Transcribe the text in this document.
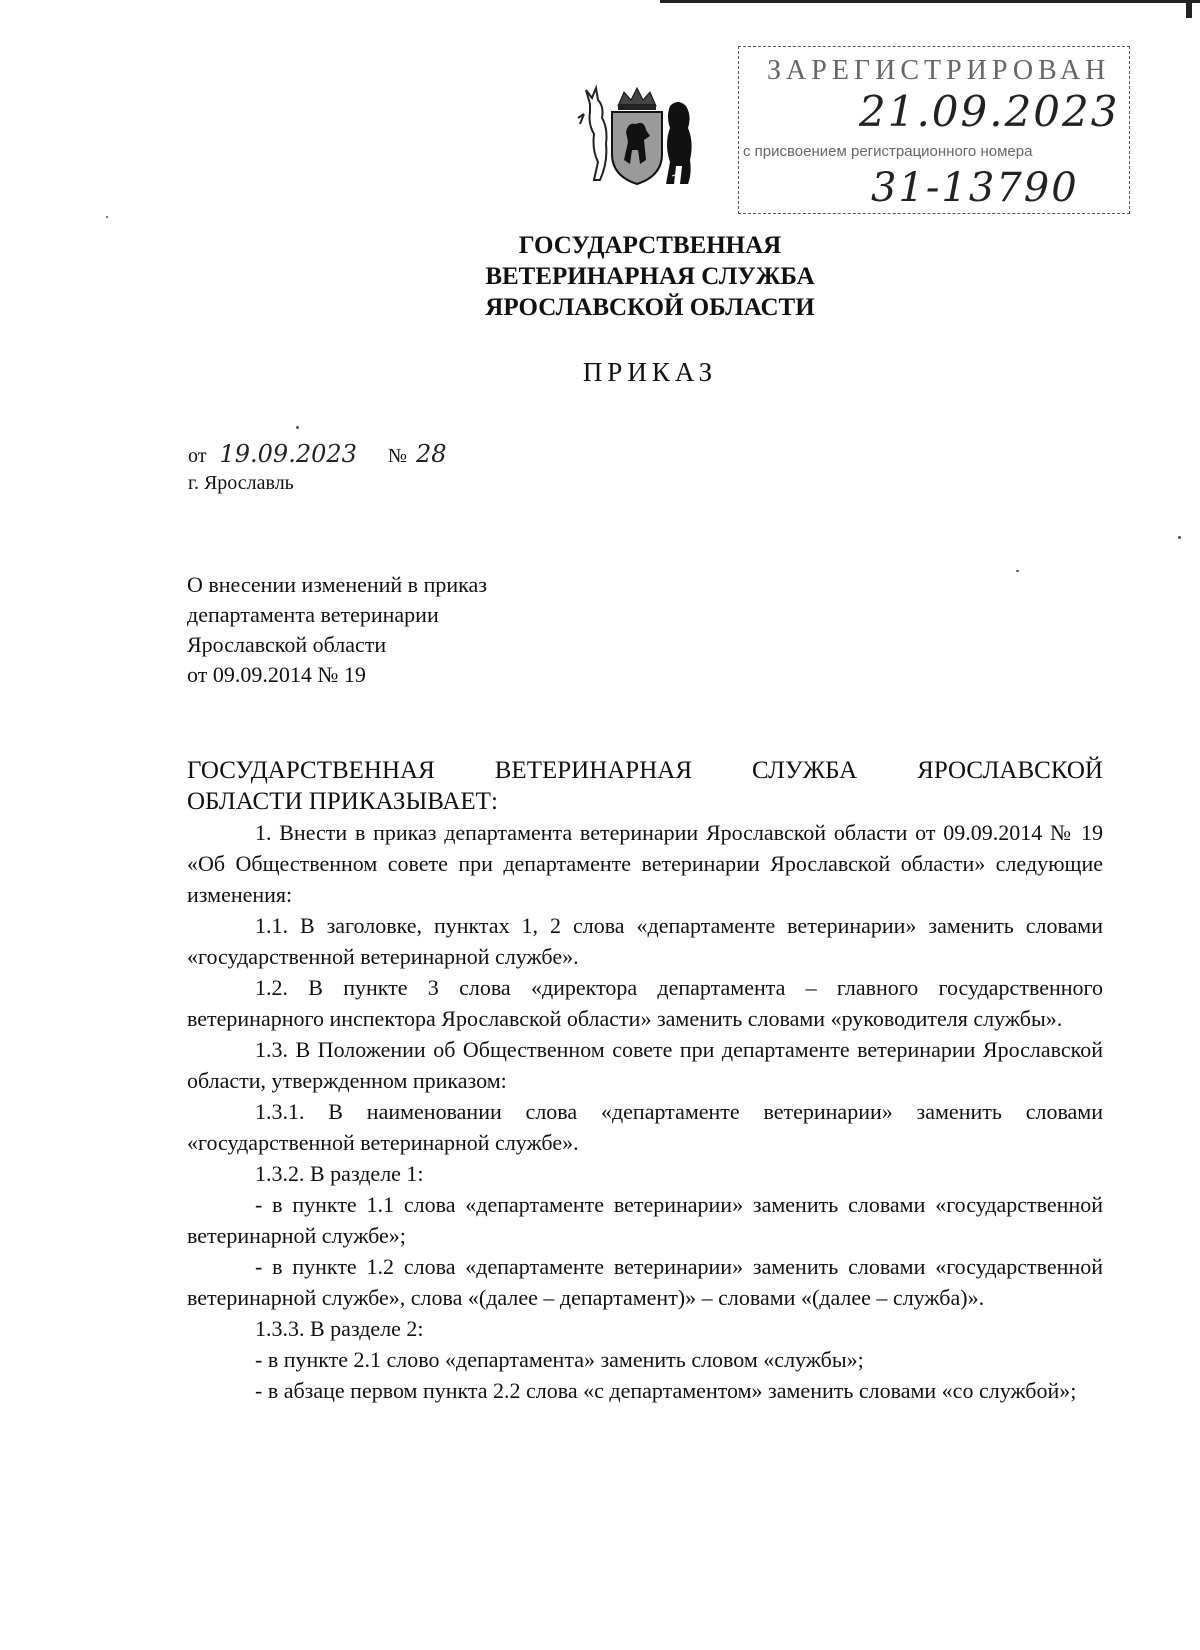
ЗАРЕГИСТРИРОВАН
21.09.2023
с присвоением регистрационного номера
31-13790
ГОСУДАРСТВЕННАЯ
ВЕТЕРИНАРНАЯ СЛУЖБА
ЯРОСЛАВСКОЙ ОБЛАСТИ
ПРИКАЗ
от 19.09.2023 № 28
г. Ярославль
О внесении изменений в приказ
департамента ветеринарии
Ярославской области
от 09.09.2014 № 19
ГОСУДАРСТВЕННАЯ ВЕТЕРИНАРНАЯ СЛУЖБА ЯРОСЛАВСКОЙ
ОБЛАСТИ ПРИКАЗЫВАЕТ:

1. Внести в приказ департамента ветеринарии Ярославской области от 09.09.2014 № 19 «Об Общественном совете при департаменте ветеринарии Ярославской области» следующие изменения:

1.1. В заголовке, пунктах 1, 2 слова «департаменте ветеринарии» заменить словами «государственной ветеринарной службе».

1.2. В пункте 3 слова «директора департамента – главного государственного ветеринарного инспектора Ярославской области» заменить словами «руководителя службы».

1.3. В Положении об Общественном совете при департаменте ветеринарии Ярославской области, утвержденном приказом:

1.3.1. В наименовании слова «департаменте ветеринарии» заменить словами «государственной ветеринарной службе».

1.3.2. В разделе 1:

- в пункте 1.1 слова «департаменте ветеринарии» заменить словами «государственной ветеринарной службе»;

- в пункте 1.2 слова «департаменте ветеринарии» заменить словами «государственной ветеринарной службе», слова «(далее – департамент)» – словами «(далее – служба)».

1.3.3. В разделе 2:

- в пункте 2.1 слово «департамента» заменить словом «службы»;

- в абзаце первом пункта 2.2 слова «с департаментом» заменить словами «со службой»;
